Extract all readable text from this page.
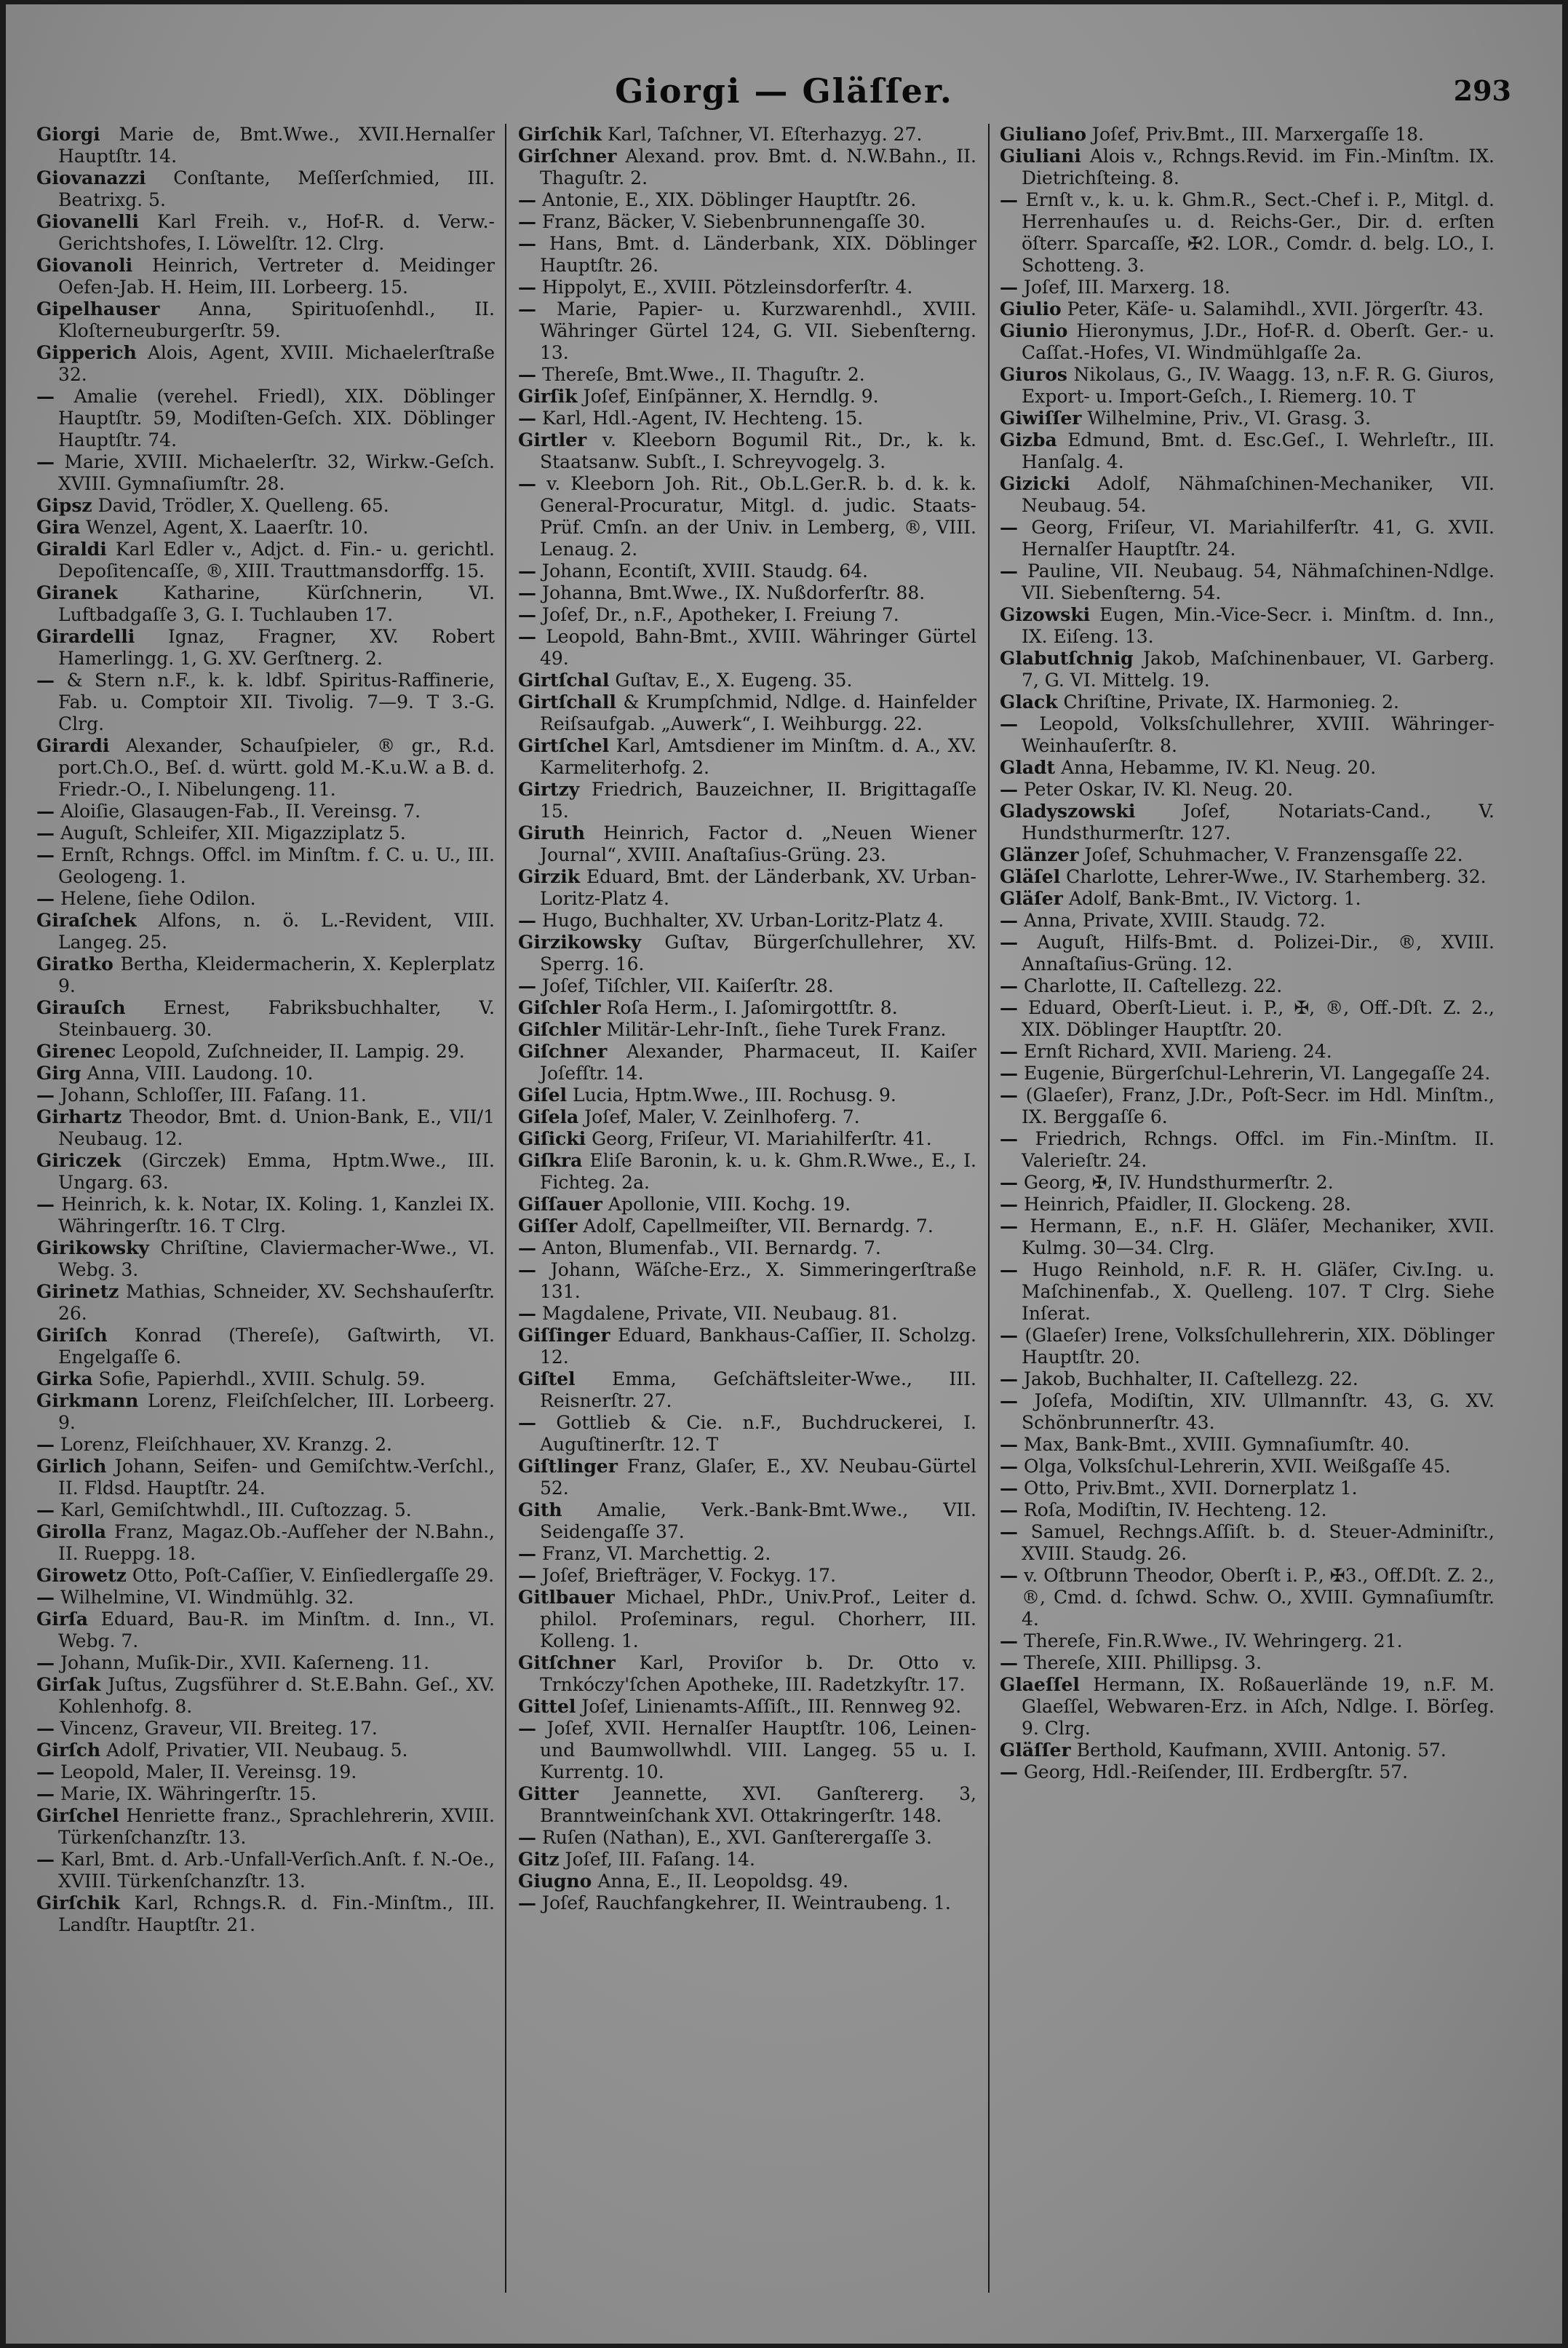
Giorgi — Gläſſer.	293
Giorgi Marie de, Bmt.Wwe., XVII.Hernalſer Hauptſtr. 14.
Giovanazzi Conſtante, Meſſerſchmied, III. Beatrixg. 5.
Giovanelli Karl Freih. v., Hof-R. d. Verw.-Gerichtshofes, I. Löwelſtr. 12. Clrg.
Giovanoli Heinrich, Vertreter d. Meidinger Oefen-Jab. H. Heim, III. Lorbeerg. 15.
Gipelhauser Anna, Spirituoſenhdl., II. Kloſterneuburgerſtr. 59.
Gipperich Alois, Agent, XVIII. Michaelerſtraße 32.
— Amalie (verehel. Friedl), XIX. Döblinger Hauptſtr. 59, Modiſten-Geſch. XIX. Döblinger Hauptſtr. 74.
— Marie, XVIII. Michaelerſtr. 32, Wirkw.-Geſch. XVIII. Gymnaſiumſtr. 28.
Gipsz David, Trödler, X. Quelleng. 65.
Gira Wenzel, Agent, X. Laaerſtr. 10.
Giraldi Karl Edler v., Adjct. d. Fin.- u. gerichtl. Depoſitencaſſe, ®, XIII. Trauttmansdorffg. 15.
Giranek	Katharine, Kürſchnerin, VI. Luftbadgaſſe 3, G. I. Tuchlauben 17.
Girardelli Ignaz, Fragner, XV. Robert Hamerlingg. 1, G. XV. Gerſtnerg. 2.
— & Stern n.F., k. k. ldbf. Spiritus-Raffinerie, Fab. u. Comptoir XII. Tivolig. 7—9. T 3.-G. Clrg.
Girardi Alexander, Schauſpieler, ® gr., R.d. port.Ch.O., Beſ. d. württ. gold M.-K.u.W. a B. d. Friedr.-O., I. Nibelungeng. 11.
— Aloiſie, Glasaugen-Fab., II. Vereinsg. 7.
— Auguſt, Schleifer, XII. Migazziplatz 5.
— Ernſt, Rchngs. Offcl. im Minſtm. f. C. u. U., III. Geologeng. 1.
— Helene, ſiehe Odilon.
Giraſchek Alfons, n. ö. L.-Revident, VIII. Langeg. 25.
Giratko Bertha, Kleidermacherin, X. Keplerplatz 9.
Girauſch Ernest, Fabriksbuchhalter, V. Steinbauerg. 30.
Girenec Leopold, Zuſchneider, II. Lampig. 29.
Girg Anna, VIII. Laudong. 10.
— Johann, Schloſſer, III. Faſang. 11.
Girhartz Theodor, Bmt. d. Union-Bank, E., VII/1 Neubaug. 12.
Giriczek (Girczek) Emma, Hptm.Wwe., III. Ungarg. 63.
— Heinrich, k. k. Notar, IX. Koling. 1, Kanzlei IX. Währingerſtr. 16. T Clrg.
Girikowsky Chriſtine, Claviermacher-Wwe., VI. Webg. 3.
Girinetz Mathias, Schneider, XV. Sechshauſerſtr. 26.
Giriſch Konrad (Thereſe), Gaſtwirth, VI. Engelgaſſe 6.
Girka Sofie, Papierhdl., XVIII. Schulg. 59.
Girkmann Lorenz, Fleiſchſelcher, III. Lorbeerg. 9.
— Lorenz, Fleiſchhauer, XV. Kranzg. 2.
Girlich Johann, Seifen- und Gemiſchtw.-Verſchl., II. Fldsd. Hauptſtr. 24.
— Karl, Gemiſchtwhdl., III. Cuſtozzag. 5.
Girolla Franz, Magaz.Ob.-Aufſeher der N.Bahn., II. Rueppg. 18.
Girowetz Otto, Poſt-Caſſier, V. Einſiedlergaſſe 29.
— Wilhelmine, VI. Windmühlg. 32.
Girſa Eduard, Bau-R. im Minſtm. d. Inn., VI. Webg. 7.
— Johann, Muſik-Dir., XVII. Kaſerneng. 11.
Girſak Juſtus, Zugsführer d. St.E.Bahn. Geſ., XV. Kohlenhofg. 8.
— Vincenz, Graveur, VII. Breiteg. 17.
Girſch Adolf, Privatier, VII. Neubaug. 5.
— Leopold, Maler, II. Vereinsg. 19.
— Marie, IX. Währingerſtr. 15.
Girſchel Henriette franz., Sprachlehrerin, XVIII. Türkenſchanzſtr. 13.
— Karl, Bmt. d. Arb.-Unfall-Verſich.Anſt. f. N.-Oe., XVIII. Türkenſchanzſtr. 13.
Girſchik Karl, Rchngs.R. d. Fin.-Minſtm., III. Landſtr. Hauptſtr. 21.
Girſchik Karl, Taſchner, VI. Eſterhazyg. 27.
Girſchner Alexand. prov. Bmt. d. N.W.Bahn., II. Thaguſtr. 2.
— Antonie, E., XIX. Döblinger Hauptſtr. 26.
— Franz, Bäcker, V. Siebenbrunnengaſſe 30.
— Hans, Bmt. d. Länderbank, XIX. Döblinger Hauptſtr. 26.
— Hippolyt, E., XVIII. Pötzleinsdorferſtr. 4.
— Marie, Papier- u. Kurzwarenhdl., XVIII. Währinger Gürtel 124, G. VII. Siebenſterng. 13.
— Thereſe, Bmt.Wwe., II. Thaguſtr. 2.
Girſik Joſef, Einſpänner, X. Herndlg. 9.
— Karl, Hdl.-Agent, IV. Hechteng. 15.
Girtler v. Kleeborn Bogumil Rit., Dr., k. k. Staatsanw. Subſt., I. Schreyvogelg. 3.
— v. Kleeborn Joh. Rit., Ob.L.Ger.R. b. d. k. k. General-Procuratur, Mitgl. d. judic. Staats-Prüf. Cmſn. an der Univ. in Lemberg, ®, VIII. Lenaug. 2.
— Johann, Econtiſt, XVIII. Staudg. 64.
— Johanna, Bmt.Wwe., IX. Nußdorferſtr. 88.
— Joſef, Dr., n.F., Apotheker, I. Freiung 7.
— Leopold, Bahn-Bmt., XVIII. Währinger Gürtel 49.
Girtſchal Guſtav, E., X. Eugeng. 35.
Girtſchall & Krumpſchmid, Ndlge. d. Hainfelder Reiſsaufgab. „Auwerk“, I. Weihburgg. 22.
Girtſchel Karl, Amtsdiener im Minſtm. d. A., XV. Karmeliterhofg. 2.
Girtzy Friedrich, Bauzeichner, II. Brigittagaſſe 15.
Giruth Heinrich, Factor d. „Neuen Wiener Journal“, XVIII. Anaſtaſius-Grüng. 23.
Girzik Eduard, Bmt. der Länderbank, XV. Urban-Loritz-Platz 4.
— Hugo, Buchhalter, XV. Urban-Loritz-Platz 4.
Girzikowsky Guſtav, Bürgerſchullehrer, XV. Sperrg. 16.
— Joſef, Tiſchler, VII. Kaiſerſtr. 28.
Giſchler Roſa Herm., I. Jaſomirgottſtr. 8.
Giſchler Militär-Lehr-Inſt., ſiehe Turek Franz.
Giſchner Alexander, Pharmaceut, II. Kaiſer Joſefſtr. 14.
Giſel Lucia, Hptm.Wwe., III. Rochusg. 9.
Giſela Joſef, Maler, V. Zeinlhoferg. 7.
Giſicki Georg, Friſeur, VI. Mariahilferſtr. 41.
Giſkra Eliſe Baronin, k. u. k. Ghm.R.Wwe., E., I. Fichteg. 2a.
Giſſauer Apollonie, VIII. Kochg. 19.
Giſſer Adolf, Capellmeiſter, VII. Bernardg. 7.
— Anton, Blumenfab., VII. Bernardg. 7.
— Johann, Wäſche-Erz., X. Simmeringerſtraße 131.
— Magdalene, Private, VII. Neubaug. 81.
Giſſinger Eduard, Bankhaus-Caſſier, II. Scholzg. 12.
Giſtel Emma, Geſchäftsleiter-Wwe., III. Reisnerſtr. 27.
— Gottlieb & Cie. n.F., Buchdruckerei, I. Auguſtinerſtr. 12. T
Giſtlinger Franz, Glaſer, E., XV. Neubau-Gürtel 52.
Gith Amalie, Verk.-Bank-Bmt.Wwe., VII. Seidengaſſe 37.
— Franz, VI. Marchettig. 2.
— Joſef, Briefträger, V. Fockyg. 17.
Gitlbauer Michael, PhDr., Univ.Prof., Leiter d. philol. Proſeminars, regul. Chorherr, III. Kolleng. 1.
Gitſchner Karl, Proviſor b. Dr. Otto v. Trnkóczy'ſchen Apotheke, III. Radetzkyſtr. 17.
Gittel Joſef, Linienamts-Aſſiſt., III. Rennweg 92.
— Joſef, XVII. Hernalſer Hauptſtr. 106, Leinen- und Baumwollwhdl. VIII. Langeg. 55 u. I. Kurrentg. 10.
Gitter Jeannette, XVI. Ganſtererg. 3, Branntweinſchank XVI. Ottakringerſtr. 148.
— Ruſen (Nathan), E., XVI. Ganſterergaſſe 3.
Gitz Joſef, III. Faſang. 14.
Giugno Anna, E., II. Leopoldsg. 49.
— Joſef, Rauchfangkehrer, II. Weintraubeng. 1.
Giuliano Joſef, Priv.Bmt., III. Marxergaſſe 18.
Giuliani Alois v., Rchngs.Revid. im Fin.-Minſtm. IX. Dietrichſteing. 8.
— Ernſt v., k. u. k. Ghm.R., Sect.-Chef i. P., Mitgl. d. Herrenhauſes u. d. Reichs-Ger., Dir. d. erſten öſterr. Sparcaſſe, ✠2. LOR., Comdr. d. belg. LO., I. Schotteng. 3.
— Joſef, III. Marxerg. 18.
Giulio Peter, Käſe- u. Salamihdl., XVII. Jörgerſtr. 43.
Giunio Hieronymus, J.Dr., Hof-R. d. Oberſt. Ger.- u. Caſſat.-Hofes, VI. Windmühlgaſſe 2a.
Giuros Nikolaus, G., IV. Waagg. 13, n.F. R. G. Giuros, Export- u. Import-Geſch., I. Riemerg. 10. T
Giwiſſer Wilhelmine, Priv., VI. Grasg. 3.
Gizba Edmund, Bmt. d. Esc.Geſ., I. Wehrleſtr., III. Hanſalg. 4.
Gizicki Adolf, Nähmaſchinen-Mechaniker, VII. Neubaug. 54.
— Georg, Friſeur, VI. Mariahilferſtr. 41, G. XVII. Hernalſer Hauptſtr. 24.
— Pauline, VII. Neubaug. 54, Nähmaſchinen-Ndlge. VII. Siebenſterng. 54.
Gizowski Eugen, Min.-Vice-Secr. i. Minſtm. d. Inn., IX. Eiſeng. 13.
Glabutſchnig Jakob, Maſchinenbauer, VI. Garberg. 7, G. VI. Mittelg. 19.
Glack Chriſtine, Private, IX. Harmonieg. 2.
— Leopold, Volksſchullehrer, XVIII. Währinger-Weinhauſerſtr. 8.
Gladt Anna, Hebamme, IV. Kl. Neug. 20.
— Peter Oskar, IV. Kl. Neug. 20.
Gladyszowski	Joſef, Notariats-Cand., V. Hundsthurmerſtr. 127.
Glänzer Joſef, Schuhmacher, V. Franzensgaſſe 22.
Gläſel Charlotte, Lehrer-Wwe., IV. Starhemberg. 32.
Gläſer Adolf, Bank-Bmt., IV. Victorg. 1.
— Anna, Private, XVIII. Staudg. 72.
— Auguſt, Hilfs-Bmt. d. Polizei-Dir., ®, XVIII. Annaſtaſius-Grüng. 12.
— Charlotte, II. Caſtellezg. 22.
— Eduard, Oberſt-Lieut. i. P., ✠, ®, Off.-Dſt. Z. 2., XIX. Döblinger Hauptſtr. 20.
— Ernſt Richard, XVII. Marieng. 24.
— Eugenie, Bürgerſchul-Lehrerin, VI. Langegaſſe 24.
— (Glaeſer), Franz, J.Dr., Poſt-Secr. im Hdl. Minſtm., IX. Berggaſſe 6.
— Friedrich, Rchngs. Offcl. im Fin.-Minſtm. II. Valerieſtr. 24.
— Georg, ✠, IV. Hundsthurmerſtr. 2.
— Heinrich, Pfaidler, II. Glockeng. 28.
— Hermann, E., n.F. H. Gläſer, Mechaniker, XVII. Kulmg. 30—34. Clrg.
— Hugo Reinhold, n.F. R. H. Gläſer, Civ.Ing. u. Maſchinenfab., X. Quelleng. 107. T Clrg. Siehe Inſerat.
— (Glaeſer) Irene, Volksſchullehrerin, XIX. Döblinger Hauptſtr. 20.
— Jakob, Buchhalter, II. Caſtellezg. 22.
— Joſefa, Modiſtin, XIV. Ullmannſtr. 43, G. XV. Schönbrunnerſtr. 43.
— Max, Bank-Bmt., XVIII. Gymnaſiumſtr. 40.
— Olga, Volksſchul-Lehrerin, XVII. Weißgaſſe 45.
— Otto, Priv.Bmt., XVII. Dornerplatz 1.
— Roſa, Modiſtin, IV. Hechteng. 12.
— Samuel, Rechngs.Aſſiſt. b. d. Steuer-Adminiſtr., XVIII. Staudg. 26.
— v. Oſtbrunn Theodor, Oberſt i. P., ✠3., Off.Dſt. Z. 2., ®, Cmd. d. ſchwd. Schw. O., XVIII. Gymnaſiumſtr. 4.
— Thereſe, Fin.R.Wwe., IV. Wehringerg. 21.
— Thereſe, XIII. Phillipsg. 3.
Glaeſſel Hermann, IX. Roßauerlände 19, n.F. M. Glaeſſel, Webwaren-Erz. in Aſch, Ndlge. I. Börſeg. 9. Clrg.
Gläſſer Berthold, Kaufmann, XVIII. Antonig. 57.
— Georg, Hdl.-Reiſender, III. Erdbergſtr. 57.
